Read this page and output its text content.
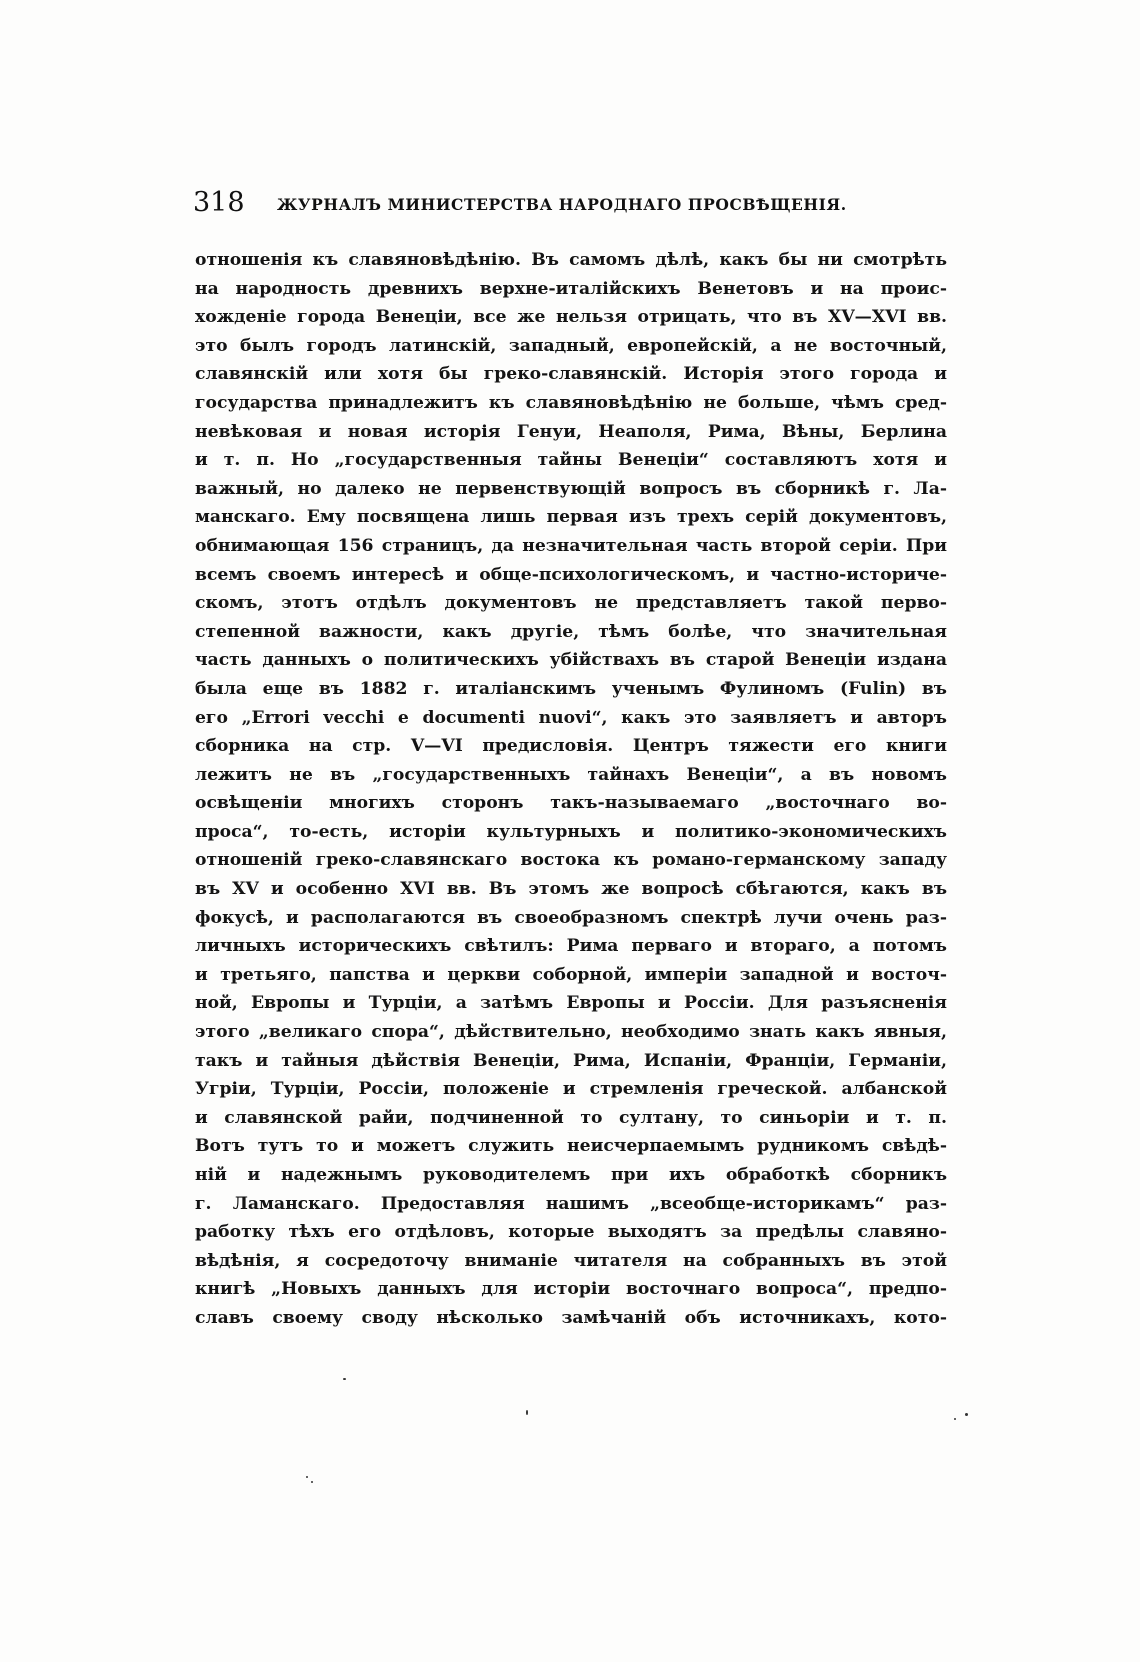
318 ЖУРНАЛЪ МИНИСТЕРСТВА НАРОДНАГО ПРОСВѢЩЕНІЯ.
отношенія къ славяновѣдѣнію. Въ самомъ дѣлѣ, какъ бы ни смотрѣть
на народность древнихъ верхне-италійскихъ Венетовъ и на проис-
хожденіе города Венеціи, все же нельзя отрицать, что въ XV—XVI вв.
это былъ городъ латинскій, западный, европейскій, а не восточный,
славянскій или хотя бы греко-славянскій. Исторія этого города и
государства принадлежитъ къ славяновѣдѣнію не больше, чѣмъ сред-
невѣковая и новая исторія Генуи, Неаполя, Рима, Вѣны, Берлина
и т. п. Но „государственныя тайны Венеціи“ составляютъ хотя и
важный, но далеко не первенствующій вопросъ въ сборникѣ г. Ла-
манскаго. Ему посвящена лишь первая изъ трехъ серій документовъ,
обнимающая 156 страницъ, да незначительная часть второй серіи. При
всемъ своемъ интересѣ и обще-психологическомъ, и частно-историче-
скомъ, этотъ отдѣлъ документовъ не представляетъ такой перво-
степенной важности, какъ другіе, тѣмъ болѣе, что значительная
часть данныхъ о политическихъ убійствахъ въ старой Венеціи издана
была еще въ 1882 г. италіанскимъ ученымъ Фулиномъ (Fulin) въ
его „Errori vecchi e documenti nuovi“, какъ это заявляетъ и авторъ
сборника на стр. V—VI предисловія. Центръ тяжести его книги
лежитъ не въ „государственныхъ тайнахъ Венеціи“, а въ новомъ
освѣщеніи многихъ сторонъ такъ-называемаго „восточнаго во-
проса“, то-есть, исторіи культурныхъ и политико-экономическихъ
отношеній греко-славянскаго востока къ романо-германскому западу
въ XV и особенно XVI вв. Въ этомъ же вопросѣ сбѣгаются, какъ въ
фокусѣ, и располагаются въ своеобразномъ спектрѣ лучи очень раз-
личныхъ историческихъ свѣтилъ: Рима перваго и втораго, а потомъ
и третьяго, папства и церкви соборной, имперіи западной и восточ-
ной, Европы и Турціи, а затѣмъ Европы и Россіи. Для разъясненія
этого „великаго спора“, дѣйствительно, необходимо знать какъ явныя,
такъ и тайныя дѣйствія Венеціи, Рима, Испаніи, Франціи, Германіи,
Угріи, Турціи, Россіи, положеніе и стремленія греческой. албанской
и славянской райи, подчиненной то султану, то синьоріи и т. п.
Вотъ тутъ то и можетъ служить неисчерпаемымъ рудникомъ свѣдѣ-
ній и надежнымъ руководителемъ при ихъ обработкѣ сборникъ
г. Ламанскаго. Предоставляя нашимъ „всеобще-историкамъ“ раз-
работку тѣхъ его отдѣловъ, которые выходятъ за предѣлы славяно-
вѣдѣнія, я сосредоточу вниманіе читателя на собранныхъ въ этой
книгѣ „Новыхъ данныхъ для исторіи восточнаго вопроса“, предпо-
славъ своему своду нѣсколько замѣчаній объ источникахъ, кото-
